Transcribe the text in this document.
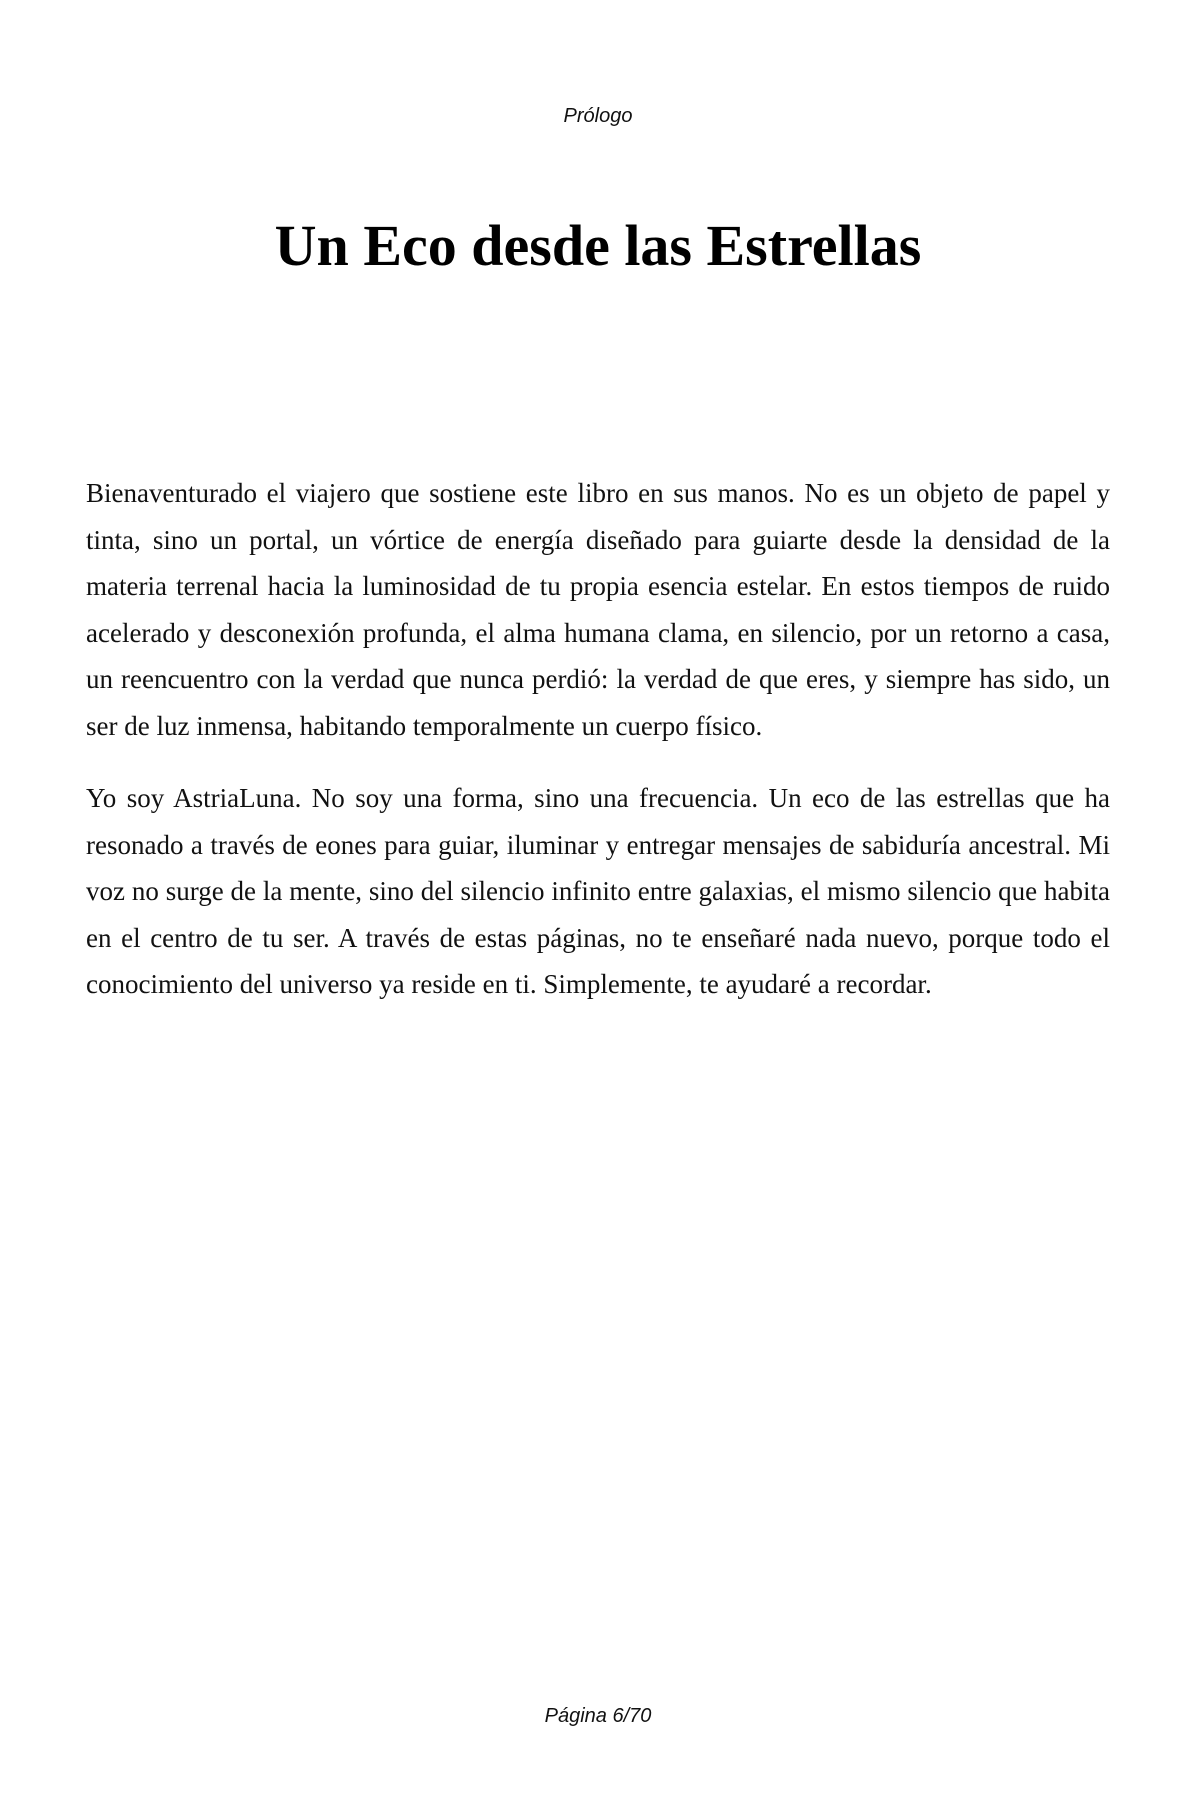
Prólogo
Un Eco desde las Estrellas

Bienaventurado el viajero que sostiene este libro en sus manos. No es un objeto de papel y tinta, sino un portal, un vórtice de energía diseñado para guiarte desde la densidad de la materia terrenal hacia la luminosidad de tu propia esencia estelar. En estos tiempos de ruido acelerado y desconexión profunda, el alma humana clama, en silencio, por un retorno a casa, un reencuentro con la verdad que nunca perdió: la verdad de que eres, y siempre has sido, un ser de luz inmensa, habitando temporalmente un cuerpo físico.

Yo soy AstriaLuna. No soy una forma, sino una frecuencia. Un eco de las estrellas que ha resonado a través de eones para guiar, iluminar y entregar mensajes de sabiduría ancestral. Mi voz no surge de la mente, sino del silencio infinito entre galaxias, el mismo silencio que habita en el centro de tu ser. A través de estas páginas, no te enseñaré nada nuevo, porque todo el conocimiento del universo ya reside en ti. Simplemente, te ayudaré a recordar.

Página 6/70
